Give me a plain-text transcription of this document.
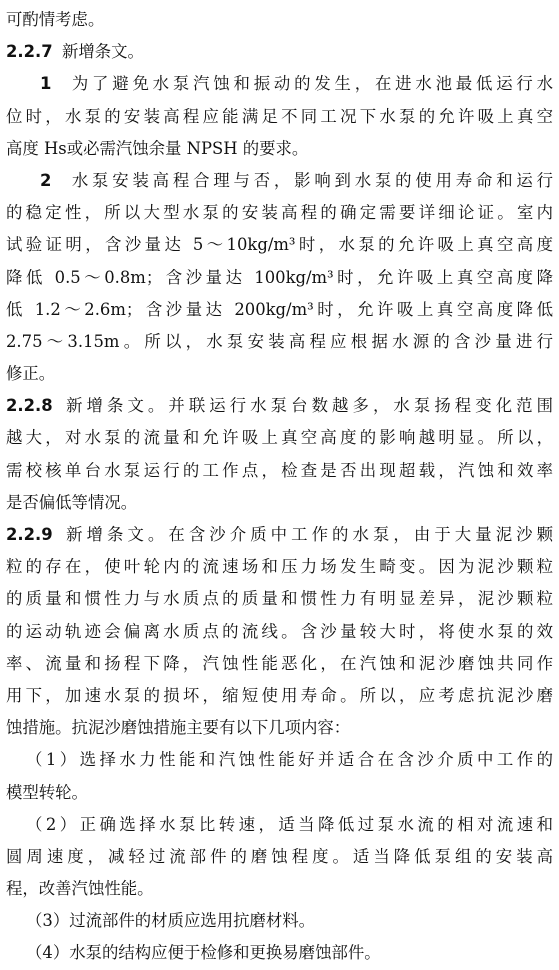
可酌情考虑。
2.2.7 新增条文。
1 为了避免水泵汽蚀和振动的发生，在进水池最低运行水
位时，水泵的安装高程应能满足不同工况下水泵的允许吸上真空
高度 Hs或必需汽蚀余量 NPSH 的要求。
2 水泵安装高程合理与否，影响到水泵的使用寿命和运行
的稳定性，所以大型水泵的安装高程的确定需要详细论证。室内
试验证明，含沙量达 5～10kg/m³时，水泵的允许吸上真空高度
降低 0.5～0.8m；含沙量达 100kg/m³时，允许吸上真空高度降
低 1.2～2.6m；含沙量达 200kg/m³时，允许吸上真空高度降低
2.75～3.15m。所以，水泵安装高程应根据水源的含沙量进行
修正。
2.2.8 新增条文。并联运行水泵台数越多，水泵扬程变化范围
越大，对水泵的流量和允许吸上真空高度的影响越明显。所以，
需校核单台水泵运行的工作点，检查是否出现超载，汽蚀和效率
是否偏低等情况。
2.2.9 新增条文。在含沙介质中工作的水泵，由于大量泥沙颗
粒的存在，使叶轮内的流速场和压力场发生畸变。因为泥沙颗粒
的质量和惯性力与水质点的质量和惯性力有明显差异，泥沙颗粒
的运动轨迹会偏离水质点的流线。含沙量较大时，将使水泵的效
率、流量和扬程下降，汽蚀性能恶化，在汽蚀和泥沙磨蚀共同作
用下，加速水泵的损坏，缩短使用寿命。所以，应考虑抗泥沙磨
蚀措施。抗泥沙磨蚀措施主要有以下几项内容：
（1）选择水力性能和汽蚀性能好并适合在含沙介质中工作的
模型转轮。
（2）正确选择水泵比转速，适当降低过泵水流的相对流速和
圆周速度，减轻过流部件的磨蚀程度。适当降低泵组的安装高
程，改善汽蚀性能。
（3）过流部件的材质应选用抗磨材料。
（4）水泵的结构应便于检修和更换易磨蚀部件。
